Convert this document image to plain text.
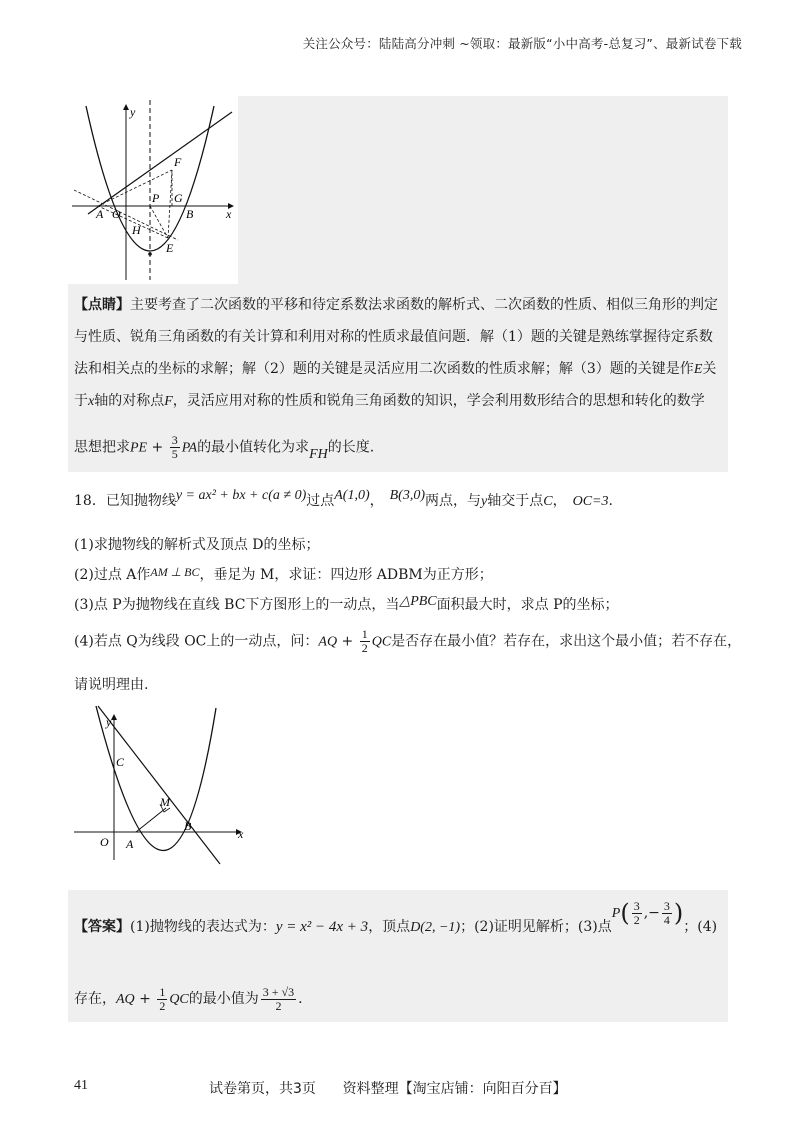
关注公众号：陆陆高分冲刺 ~领取：最新版“小中高考-总复习”、最新试卷下载
y
x
A O
P G
B
F
H
E
【点睛】主要考查了二次函数的平移和待定系数法求函数的解析式、二次函数的性质、相似三角形的判定
与性质、锐角三角函数的有关计算和利用对称的性质求最值问题．解（1）题的关键是熟练掌握待定系数
法和相关点的坐标的求解；解（2）题的关键是灵活应用二次函数的性质求解；解（3）题的关键是作E关
于x轴的对称点F，灵活应用对称的性质和锐角三角函数的知识，学会利用数形结合的思想和转化的数学
思想把求PE + $\frac{3}{5}$ PA的最小值转化为求FH的长度.
18．已知抛物线y = ax² + bx + c(a ≠ 0)过点A(1,0)， B(3,0)两点，与y轴交于点C， OC=3.
(1)求抛物线的解析式及顶点 D的坐标；
(2)过点 A作AM ⊥ BC，垂足为 M，求证：四边形 ADBM为正方形；
(3)点 P为抛物线在直线 BC下方图形上的一动点，当△PBC面积最大时，求点 P的坐标；
(4)若点 Q为线段 OC上的一动点，问：AQ + $\frac{1}{2}$ QC是否存在最小值？若存在，求出这个最小值；若不存在，
请说明理由.
y
x
C
M
B
O A
【答案】(1)抛物线的表达式为：y = x² − 4x + 3，顶点D(2, −1)；(2)证明见解析；(3)点$P( \frac{3}{2}$ ,− $\frac{3}{4}$ )；(4)
存在，AQ + $\frac{1}{2}$ QC的最小值为 $\frac{3 + √3}{2}$ .
41	试卷第页，共3页      资料整理【淘宝店铺：向阳百分百】
